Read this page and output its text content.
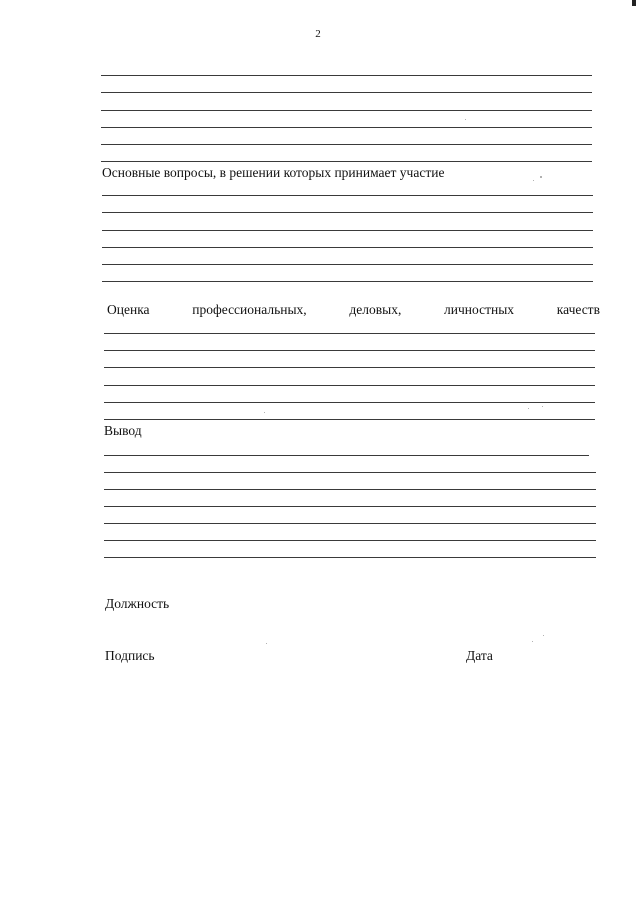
2
Основные вопросы, в решении которых принимает участие
Оценка	профессиональных,	деловых,	личностных	качеств
Вывод
Должность
Подпись	Дата
